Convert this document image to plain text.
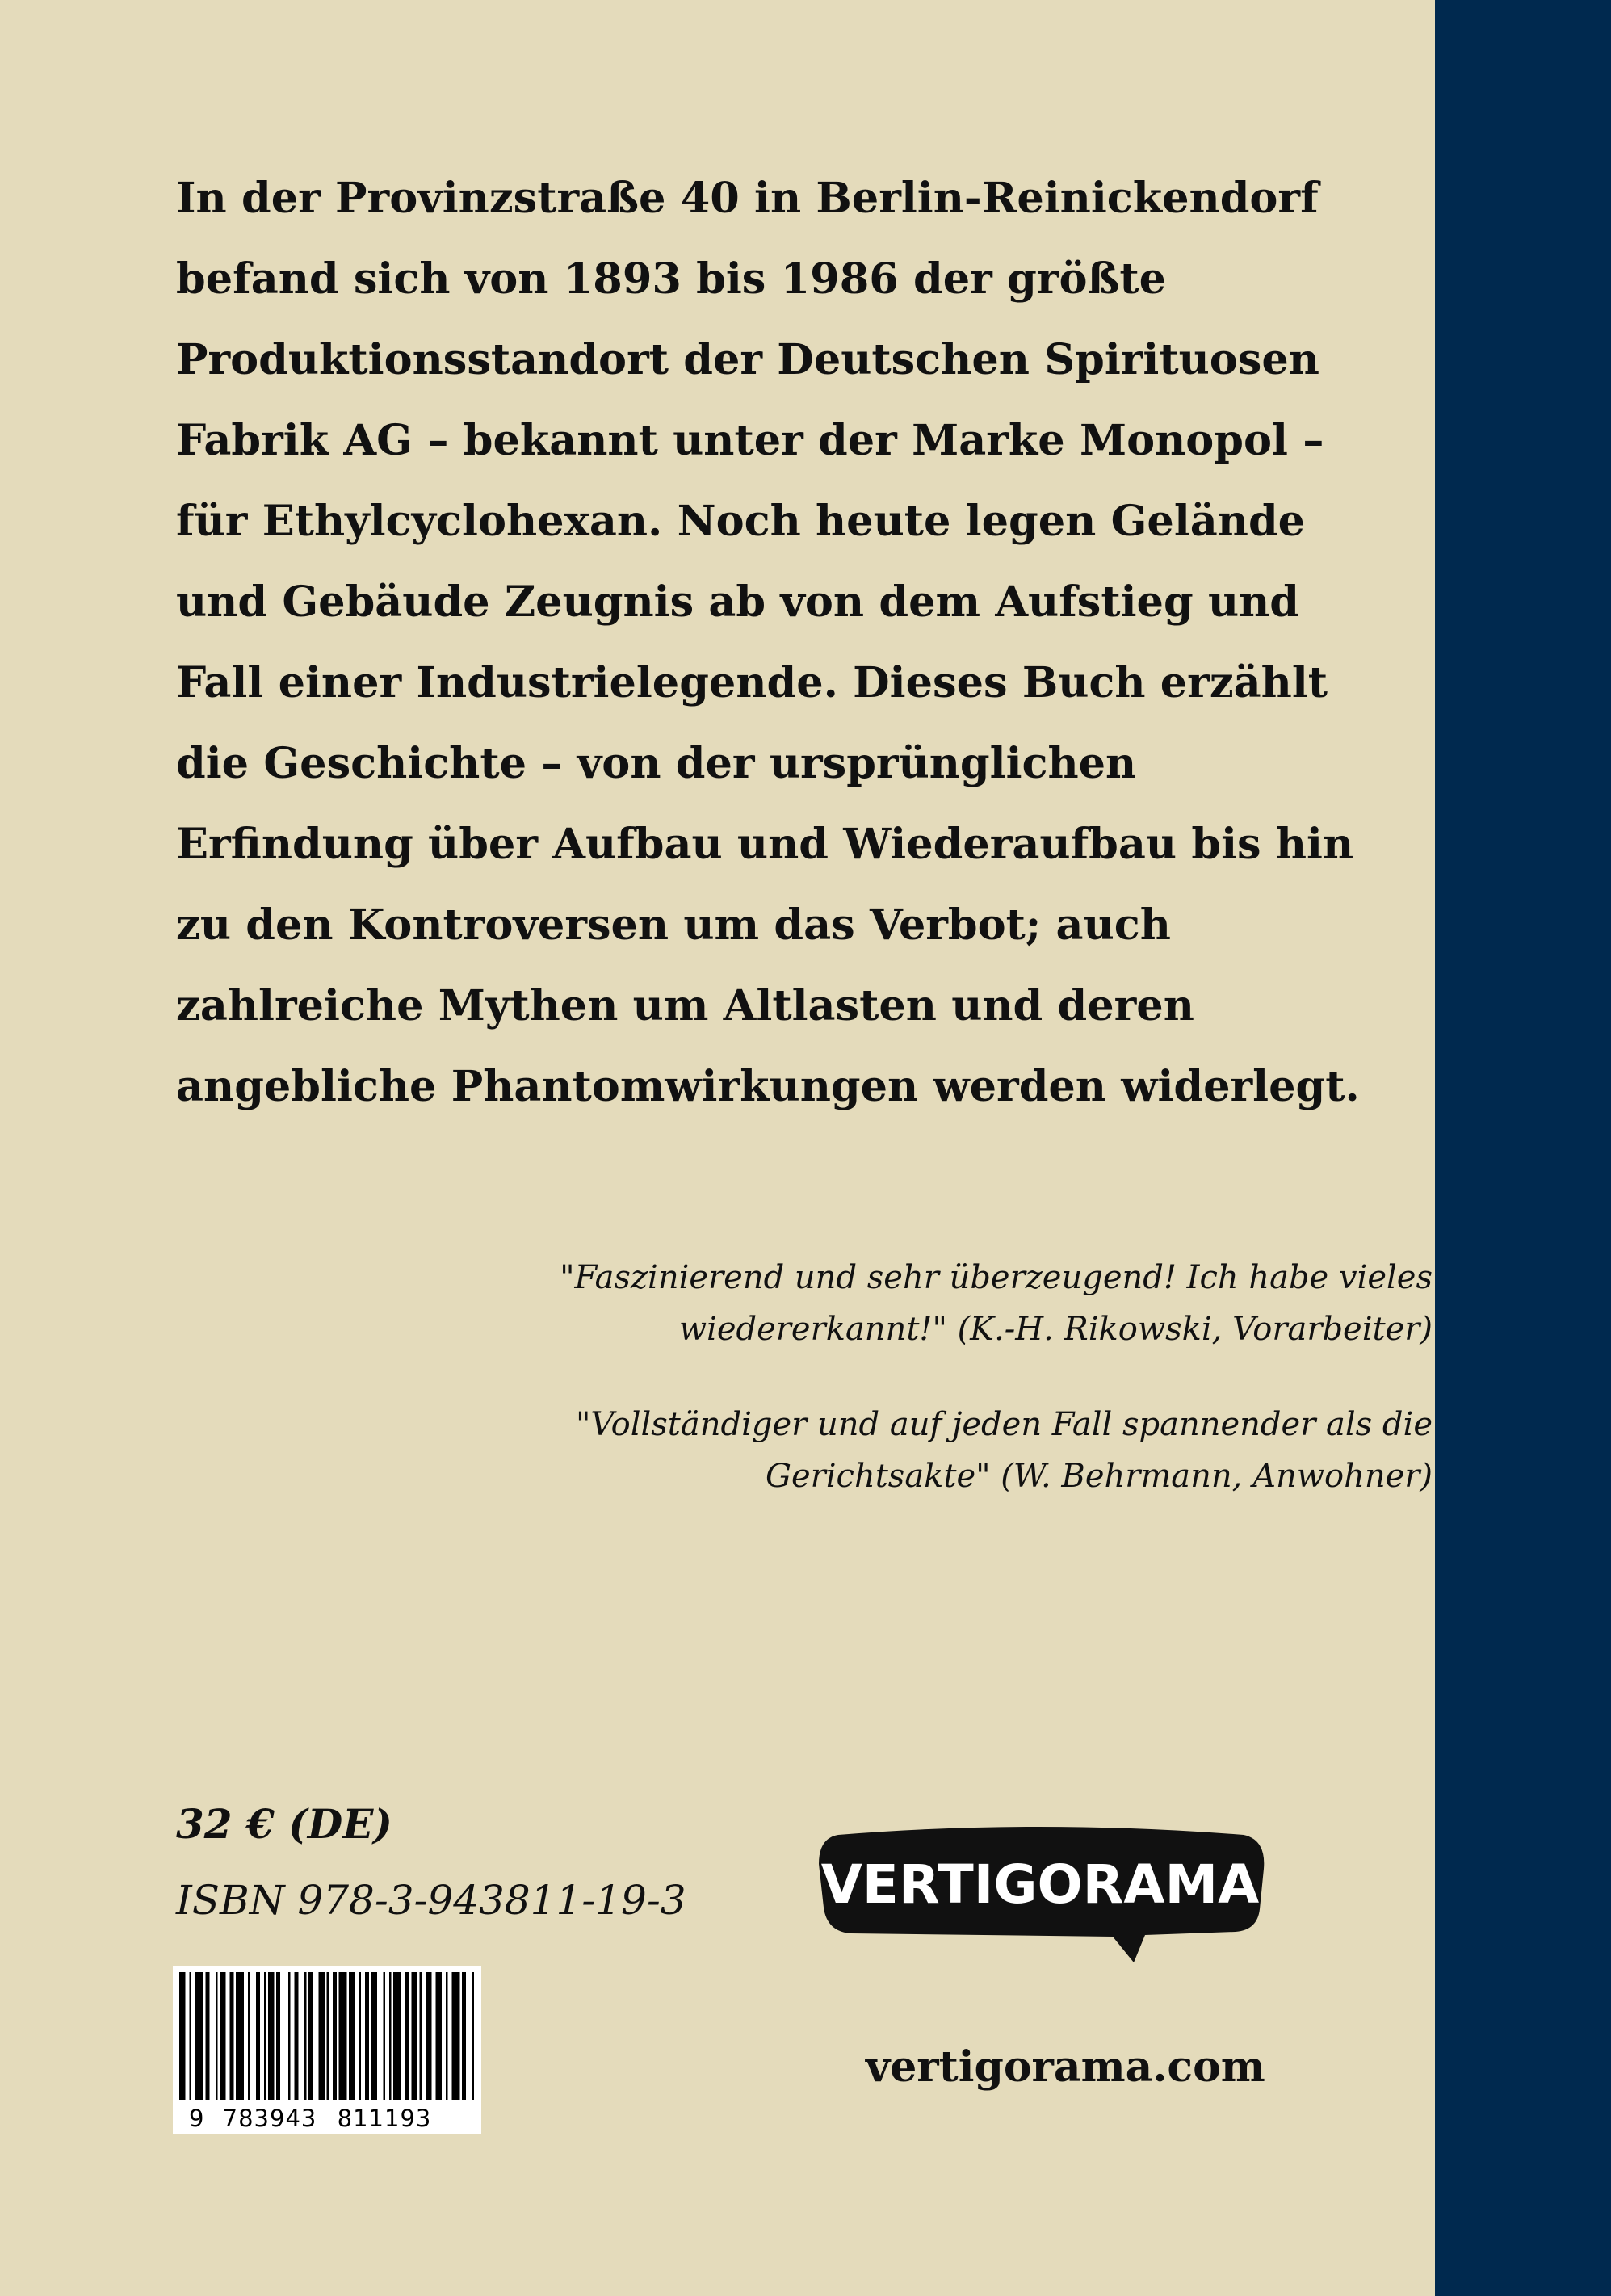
In der Provinzstraße 40 in Berlin-Reinickendorf
befand sich von 1893 bis 1986 der größte
Produktionsstandort der Deutschen Spirituosen
Fabrik AG – bekannt unter der Marke Monopol –
für Ethylcyclohexan. Noch heute legen Gelände
und Gebäude Zeugnis ab von dem Aufstieg und
Fall einer Industrielegende. Dieses Buch erzählt
die Geschichte – von der ursprünglichen
Erfindung über Aufbau und Wiederaufbau bis hin
zu den Kontroversen um das Verbot; auch
zahlreiche Mythen um Altlasten und deren
angebliche Phantomwirkungen werden widerlegt.

"Faszinierend und sehr überzeugend! Ich habe vieles
wiedererkannt!" (K.-H. Rikowski, Vorarbeiter)

"Vollständiger und auf jeden Fall spannender als die
Gerichtsakte" (W. Behrmann, Anwohner)

32 € (DE)
ISBN 978-3-943811-19-3
9 783943 811193
VERTIGORAMA
vertigorama.com
